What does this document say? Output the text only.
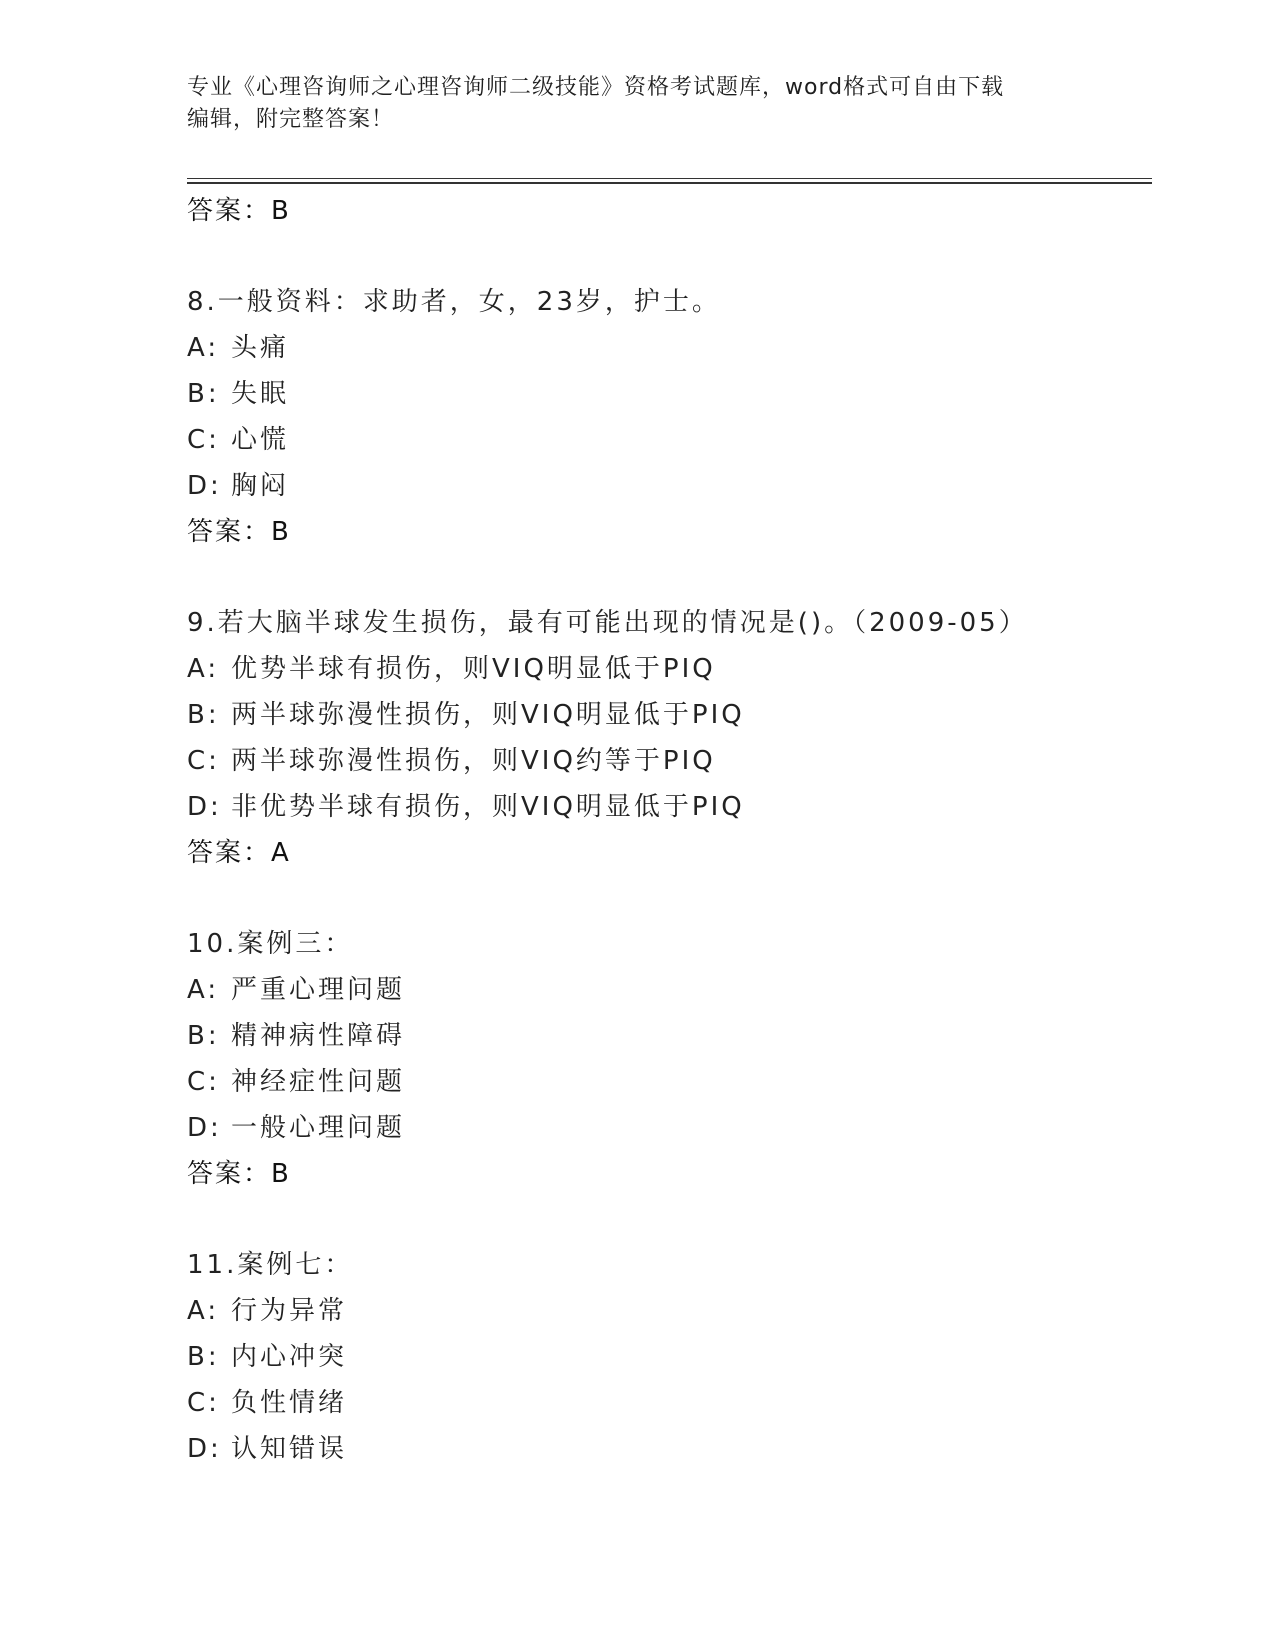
专业《心理咨询师之心理咨询师二级技能》资格考试题库，word格式可自由下载
编辑，附完整答案！
答案：B
8.一般资料：求助者，女，23岁，护士。
A: 头痛
B: 失眠
C: 心慌
D: 胸闷
答案：B
9.若大脑半球发生损伤，最有可能出现的情况是()。（2009-05）
A: 优势半球有损伤，则VIQ明显低于PIQ
B: 两半球弥漫性损伤，则VIQ明显低于PIQ
C: 两半球弥漫性损伤，则VIQ约等于PIQ
D: 非优势半球有损伤，则VIQ明显低于PIQ
答案：A
10.案例三：
A: 严重心理问题
B: 精神病性障碍
C: 神经症性问题
D: 一般心理问题
答案：B
11.案例七：
A: 行为异常
B: 内心冲突
C: 负性情绪
D: 认知错误
